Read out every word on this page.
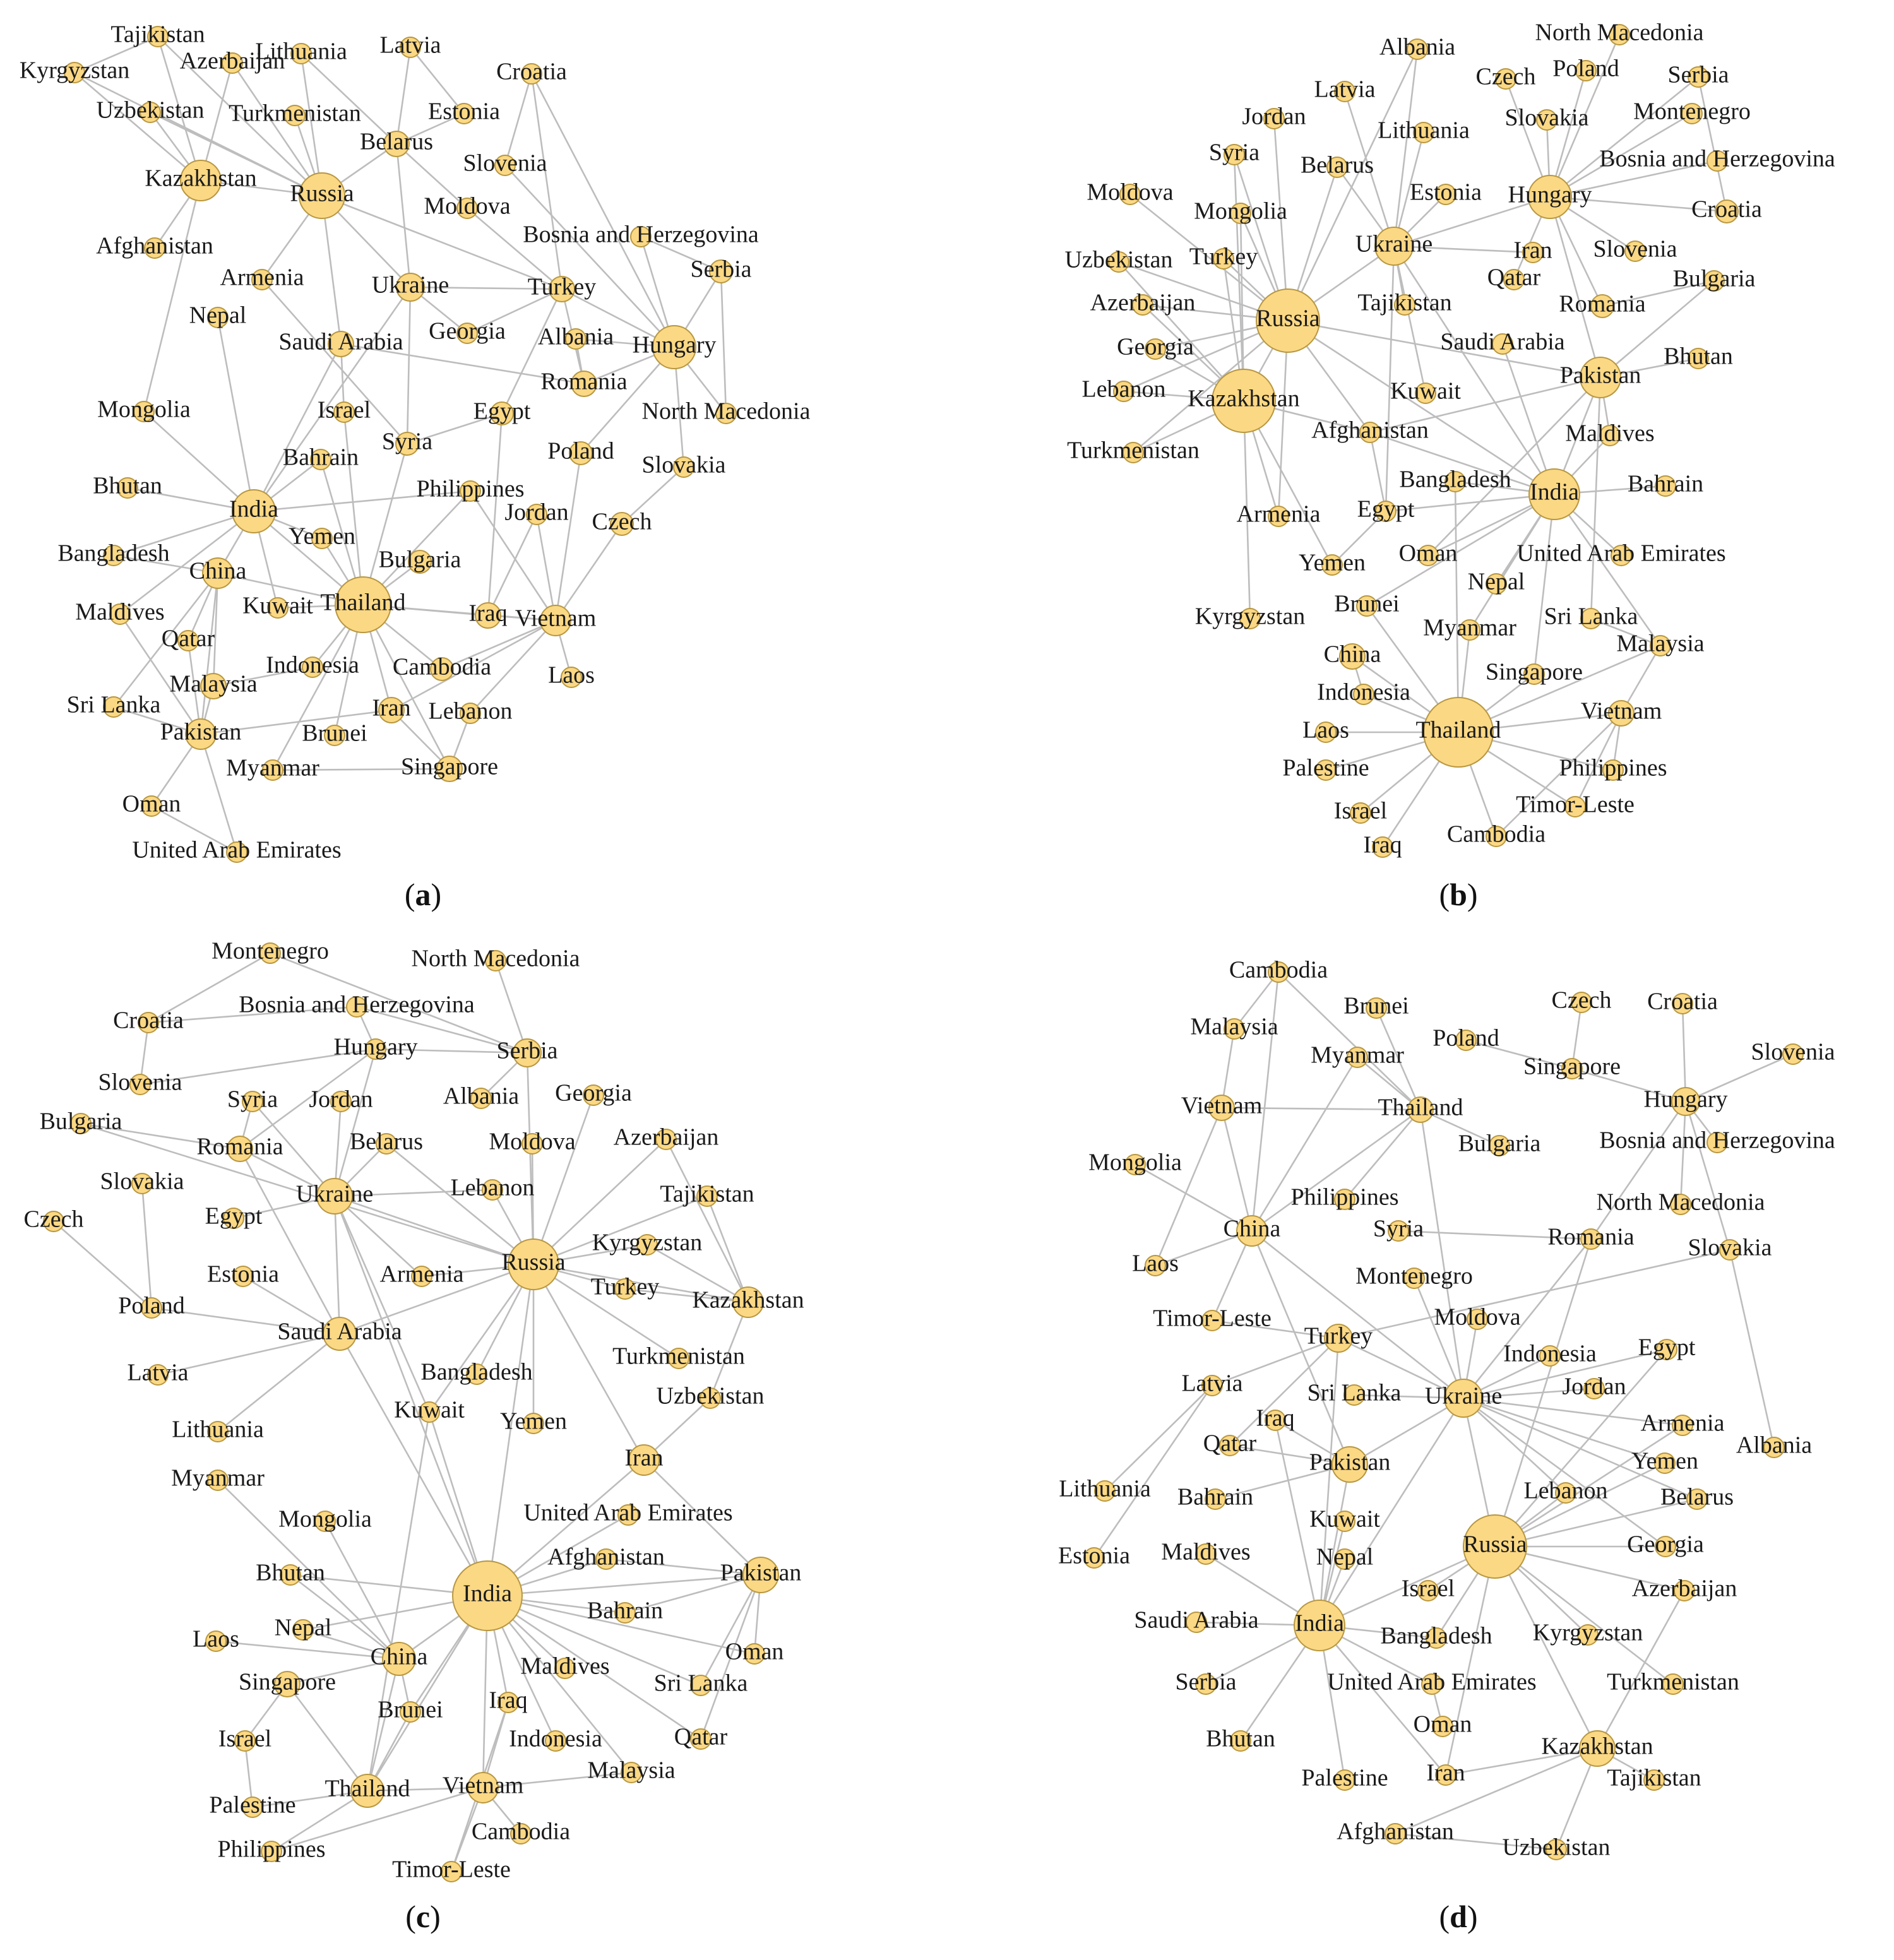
Tajikistan
Kyrgyzstan Azerbaijan
Lithuania Latvia
Croatia
Uzbekistan Turkmenistan	Estonia
Belarus
Slovenia
Kazakhstan
Russia	Moldova
Afghanistan	Bosnia and Herzegovina
Serbia
Armenia	Ukraine	Turkey
Nepal
Georgia
Saudi Arabia	Albania Hungary
Romania
Mongolia	Israel	Egypt	North Macedonia
Syria
Bahrain	Poland
Bhutan	Philippines
Slovakia
India	Jordan Czech
Yemen
Bangladesh
China	Bulgaria
Maldives	Kuwait Thailand	Iraq Vietnam
Qatar
Indonesia Cambodia Laos
Malaysia
Sri Lanka	Iran Lebanon
Pakistan	Brunei
Myanmar	Singapore
Oman
United Arab Emirates
(a)
Albania
North Macedonia
Czech Poland Serbia
Latvia
Jordan	Slovakia Montenegro
Lithuania
Syria Belarus	Bosnia and Herzegovina
Moldova	Estonia Hungary
Mongolia	Croatia
Ukraine
Uzbekistan Turkey	Iran Slovenia
Qatar	Bulgaria
Azerbaijan	Tajikistan	Romania
Russia
Georgia	Saudi Arabia
Bhutan
Pakistan
Lebanon Kazakhstan	Kuwait
Afghanistan	Maldives
Turkmenistan
Bangladesh	Bahrain
India
Armenia Egypt
Oman United Arab Emirates
Yemen
Nepal
Brunei
Kyrgyzstan	Myanmar Sri Lanka
Malaysia
China
Singapore
Indonesia
Vietnam
Laos	Thailand
Palestine	Philippines
Timor-Leste
Israel
Cambodia
Iraq
(b)
Montenegro	North Macedonia
Croatia
Bosnia and Herzegovina
Hungary	Serbia
Slovenia
Syria Jordan	Albania Georgia
Bulgaria
Romania	Belarus	Moldova Azerbaijan
Slovakia	Ukraine	Lebanon	Tajikistan
Czech	Egypt
Kyrgyzstan
Estonia	Armenia Russia
Turkey Kazakhstan
Poland
Saudi Arabia
Turkmenistan
Latvia	Bangladesh
Uzbekistan
Kuwait Yemen
Lithuania
Iran
Myanmar
United Arab Emirates
Mongolia
Afghanistan
Bhutan	Pakistan
India
Bahrain
Nepal
Laos	Oman
China	Maldives
Singapore	Sri Lanka
Iraq
Brunei
Israel	Qatar
Indonesia
Malaysia
Thailand Vietnam
Palestine
Cambodia
Philippines
Timor-Leste
(c)
Cambodia
Brunei	Czech Croatia
Malaysia	Poland
Myanmar	Slovenia
Singapore
Vietnam	Thailand	Hungary
Bulgaria Bosnia and Herzegovina
Mongolia
Philippines	North Macedonia
China	Syria	Romania Slovakia
Laos	Montenegro
Timor-Leste	Moldova
Turkey	Egypt
Indonesia
Latvia	Jordan
Sri Lanka Ukraine
Iraq	Armenia
Albania
Qatar
Pakistan	Yemen
Lithuania Bahrain	Lebanon Belarus
Kuwait
Georgia
Estonia Maldives	Nepal	Russia
Azerbaijan
Israel
Saudi Arabia India Bangladesh Kyrgyzstan
Serbia	United Arab Emirates	Turkmenistan
Oman
Bhutan	Kazakhstan
Iran
Palestine	Tajikistan
Afghanistan
Uzbekistan
(d)
